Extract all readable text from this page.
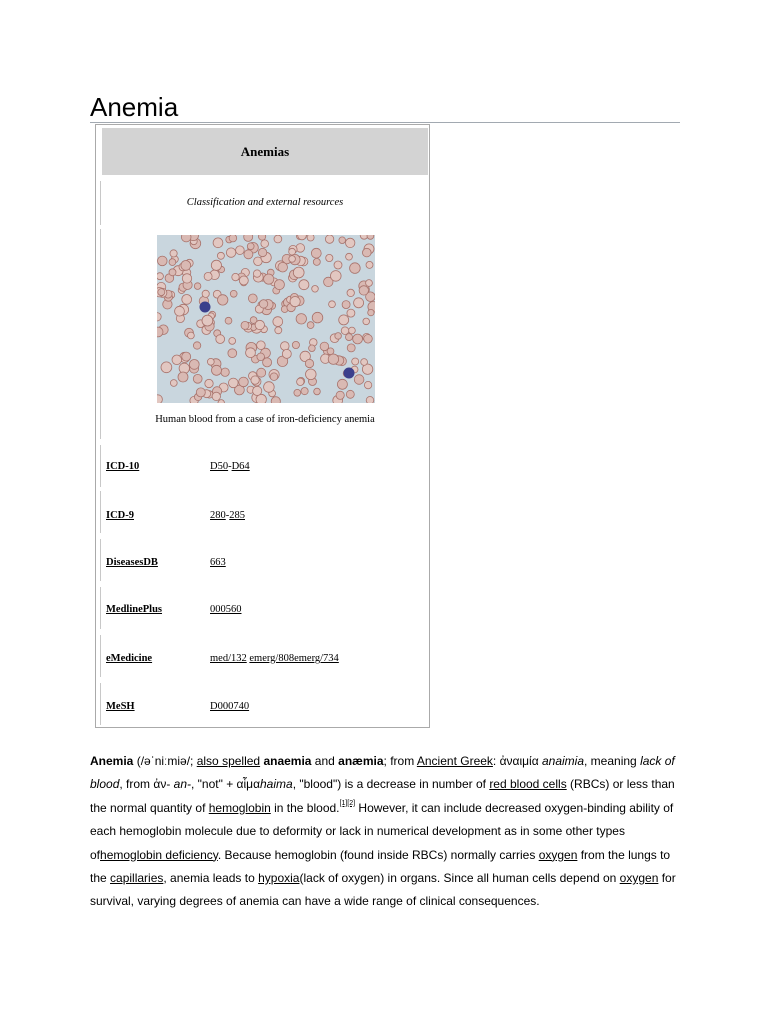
Anemia
Anemias
Classification and external resources
Human blood from a case of iron-deficiency anemia
ICD-10	D50-D64
ICD-9	280-285
DiseasesDB	663
MedlinePlus	000560
eMedicine	med/132 emerg/808emerg/734
MeSH	D000740

Anemia (/əˈniːmiə/; also spelled anaemia and anæmia; from Ancient Greek: ἀναιμία anaimia, meaning lack of blood, from ἀν- an-, "not" + αἷμαhaima, "blood") is a decrease in number of red blood cells (RBCs) or less than the normal quantity of hemoglobin in the blood.[1][2] However, it can include decreased oxygen-binding ability of each hemoglobin molecule due to deformity or lack in numerical development as in some other types ofhemoglobin deficiency. Because hemoglobin (found inside RBCs) normally carries oxygen from the lungs to the capillaries, anemia leads to hypoxia(lack of oxygen) in organs. Since all human cells depend on oxygen for survival, varying degrees of anemia can have a wide range of clinical consequences.
